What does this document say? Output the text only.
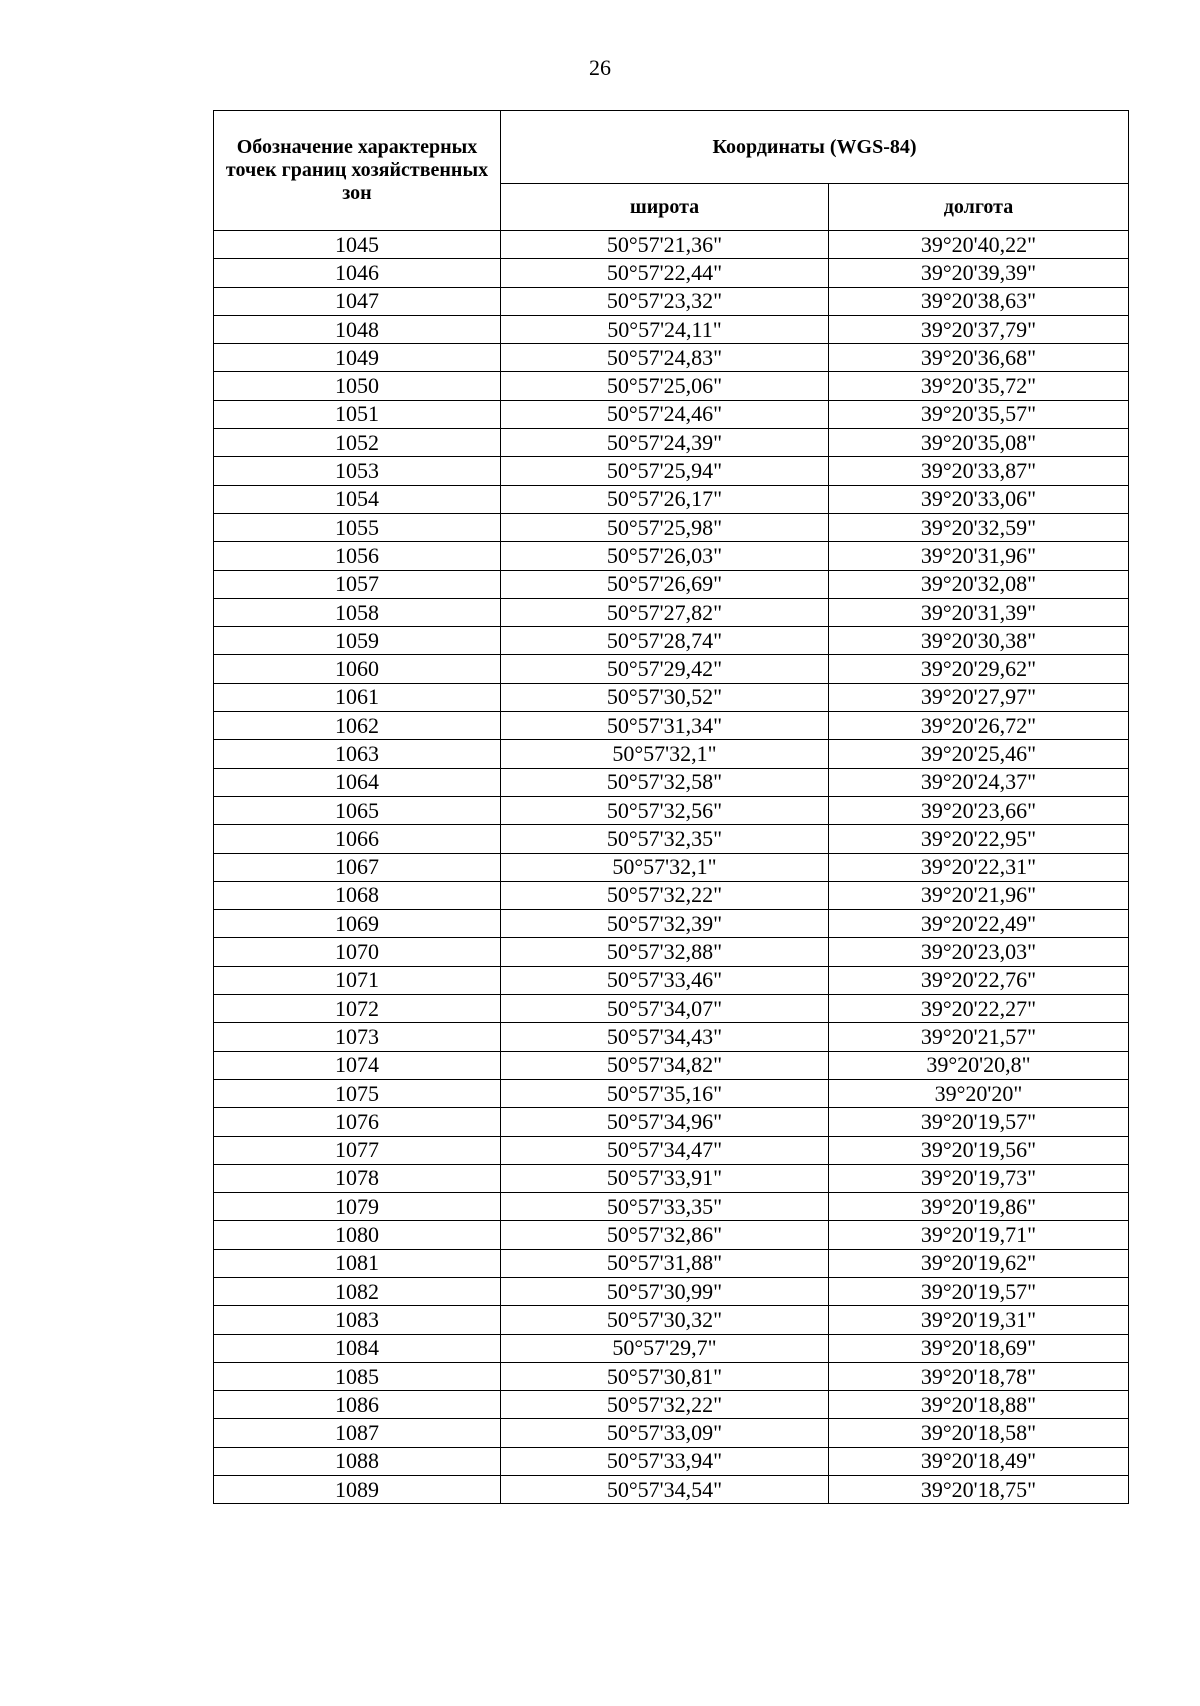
26
Обозначение характерных точек границ хозяйственных зон	Координаты (WGS-84)	
	широта	долгота
1045	50°57'21,36"	39°20'40,22"
1046	50°57'22,44"	39°20'39,39"
1047	50°57'23,32"	39°20'38,63"
1048	50°57'24,11"	39°20'37,79"
1049	50°57'24,83"	39°20'36,68"
1050	50°57'25,06"	39°20'35,72"
1051	50°57'24,46"	39°20'35,57"
1052	50°57'24,39"	39°20'35,08"
1053	50°57'25,94"	39°20'33,87"
1054	50°57'26,17"	39°20'33,06"
1055	50°57'25,98"	39°20'32,59"
1056	50°57'26,03"	39°20'31,96"
1057	50°57'26,69"	39°20'32,08"
1058	50°57'27,82"	39°20'31,39"
1059	50°57'28,74"	39°20'30,38"
1060	50°57'29,42"	39°20'29,62"
1061	50°57'30,52"	39°20'27,97"
1062	50°57'31,34"	39°20'26,72"
1063	50°57'32,1"	39°20'25,46"
1064	50°57'32,58"	39°20'24,37"
1065	50°57'32,56"	39°20'23,66"
1066	50°57'32,35"	39°20'22,95"
1067	50°57'32,1"	39°20'22,31"
1068	50°57'32,22"	39°20'21,96"
1069	50°57'32,39"	39°20'22,49"
1070	50°57'32,88"	39°20'23,03"
1071	50°57'33,46"	39°20'22,76"
1072	50°57'34,07"	39°20'22,27"
1073	50°57'34,43"	39°20'21,57"
1074	50°57'34,82"	39°20'20,8"
1075	50°57'35,16"	39°20'20"
1076	50°57'34,96"	39°20'19,57"
1077	50°57'34,47"	39°20'19,56"
1078	50°57'33,91"	39°20'19,73"
1079	50°57'33,35"	39°20'19,86"
1080	50°57'32,86"	39°20'19,71"
1081	50°57'31,88"	39°20'19,62"
1082	50°57'30,99"	39°20'19,57"
1083	50°57'30,32"	39°20'19,31"
1084	50°57'29,7"	39°20'18,69"
1085	50°57'30,81"	39°20'18,78"
1086	50°57'32,22"	39°20'18,88"
1087	50°57'33,09"	39°20'18,58"
1088	50°57'33,94"	39°20'18,49"
1089	50°57'34,54"	39°20'18,75"
